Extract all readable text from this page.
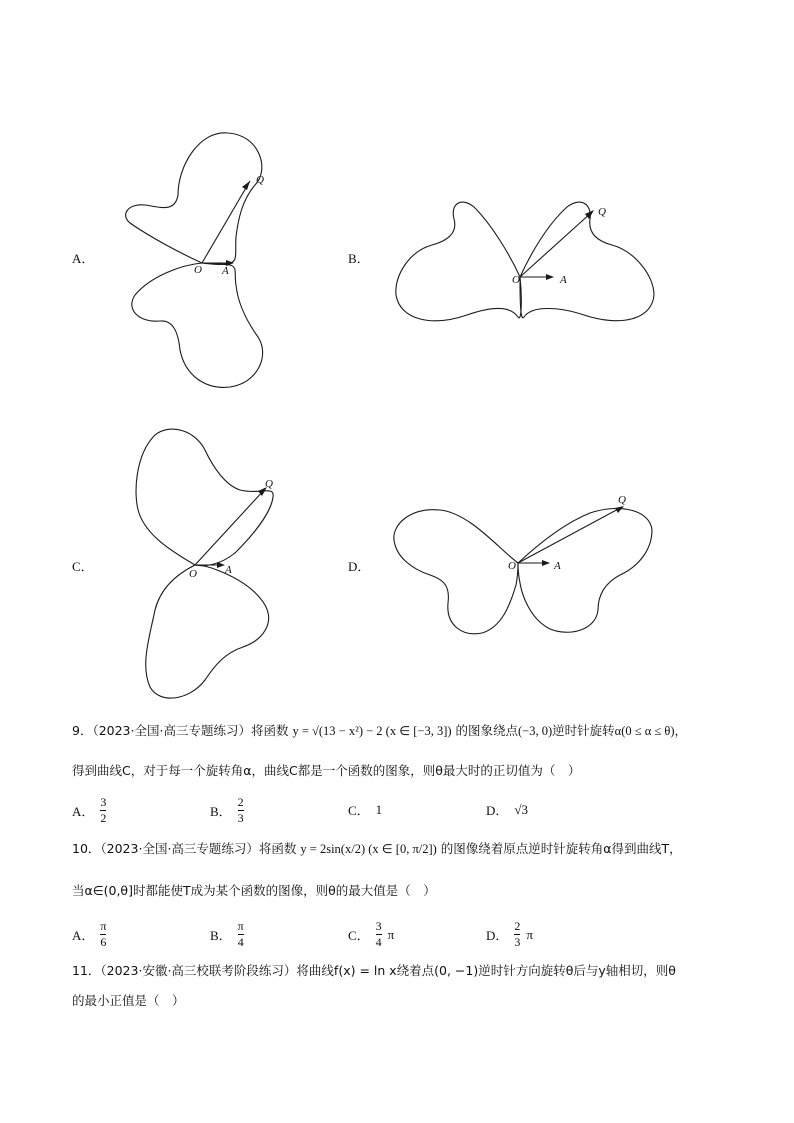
A．
O A
Q
B．
O	A
Q
C．	O	A
Q
D．	O	A
Q
9．（2023·全国·高三专题练习）将函数 y = √(13 − x²) − 2 (x ∈ [−3, 3]) 的图象绕点(−3, 0)逆时针旋转α(0 ≤ α ≤ θ)，
得到曲线C，对于每一个旋转角α，曲线C都是一个函数的图象，则θ最大时的正切值为（　）
A． $\frac{3}{2}$	B． $\frac{2}{3}$	C． 1	D． √3
10．（2023·全国·高三专题练习）将函数 y = 2sin(x/2) (x ∈ [0, π/2]) 的图像绕着原点逆时针旋转角α得到曲线T，
当α∈(0,θ]时都能使T成为某个函数的图像，则θ的最大值是（　）
A． $\frac{\pi}{6}$	B． $\frac{\pi}{4}$	C． $\frac{3}{4}$ π	D． $\frac{2}{3}$ π
11．（2023·安徽·高三校联考阶段练习）将曲线f(x) = ln x绕着点(0, −1)逆时针方向旋转θ后与y轴相切，则θ
的最小正值是（　）
